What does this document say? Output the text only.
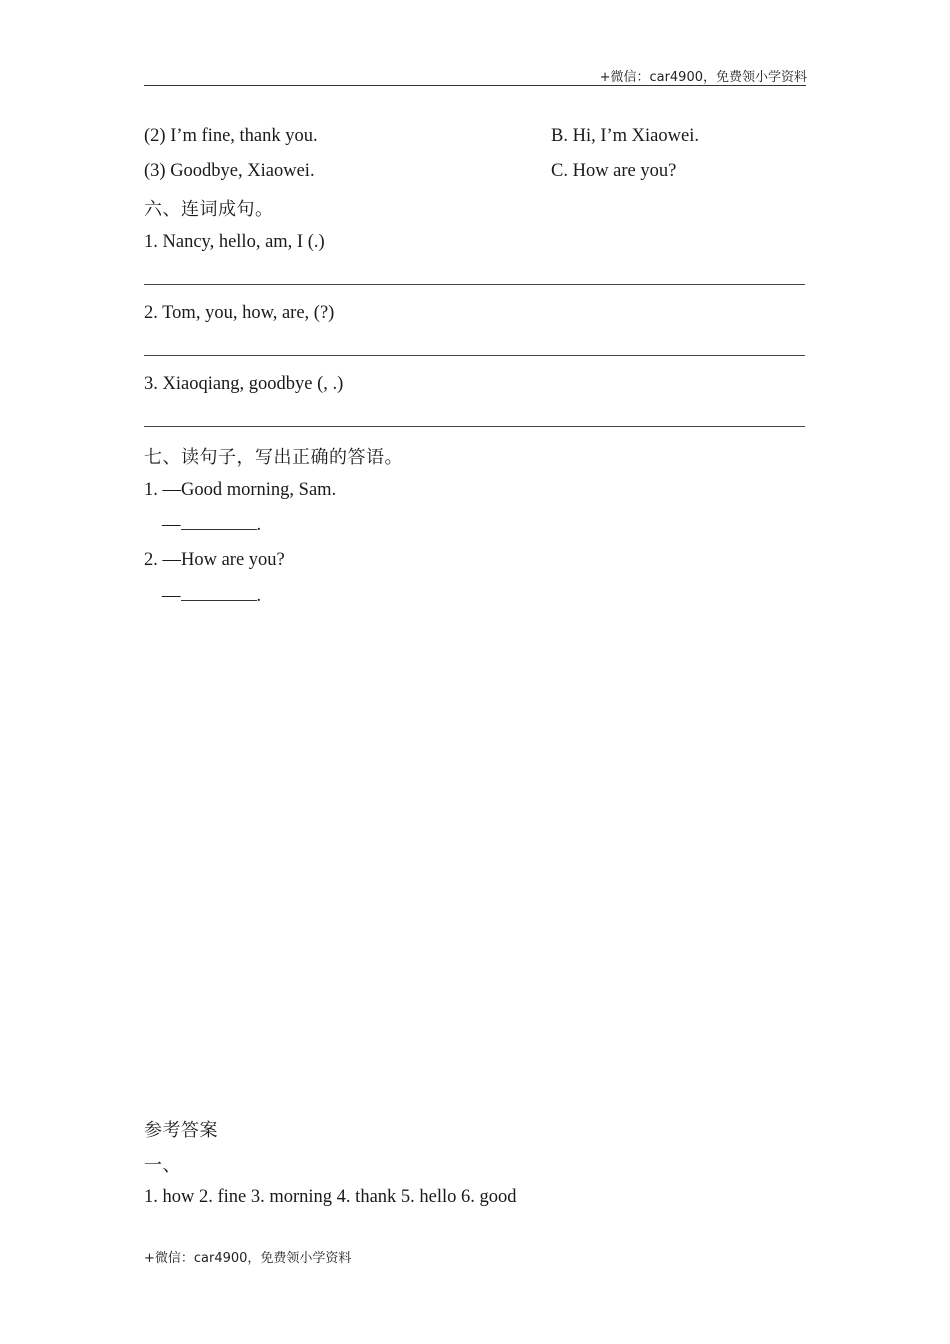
+微信：car4900，免费领小学资料
(2) I’m fine, thank you.	B. Hi, I’m Xiaowei.
(3) Goodbye, Xiaowei.	C. How are you?
六、连词成句。
1. Nancy, hello, am, I (.)
2. Tom, you, how, are, (?)
3. Xiaoqiang, goodbye (, .)
七、读句子，写出正确的答语。
1. —Good morning, Sam.
—	.
2. —How are you?
—	.
参考答案
一、
1. how 2. fine 3. morning 4. thank 5. hello 6. good
+微信：car4900，免费领小学资料
